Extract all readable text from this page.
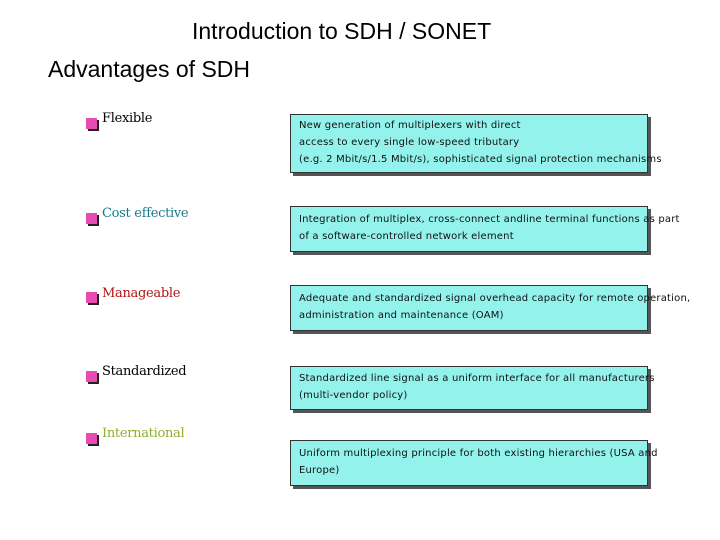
Introduction to SDH / SONET
Advantages of SDH
Flexible	New generation of multiplexers with direct
access to every single low-speed tributary
(e.g. 2 Mbit/s/1.5 Mbit/s), sophisticated signal protection mechanisms
Cost effective	Integration of multiplex, cross-connect andline terminal functions as part
of a software-controlled network element
Manageable	Adequate and standardized signal overhead capacity for remote operation,
administration and maintenance (OAM)
Standardized	Standardized line signal as a uniform interface for all manufacturers
(multi-vendor policy)
International
Uniform multiplexing principle for both existing hierarchies (USA and
Europe)
